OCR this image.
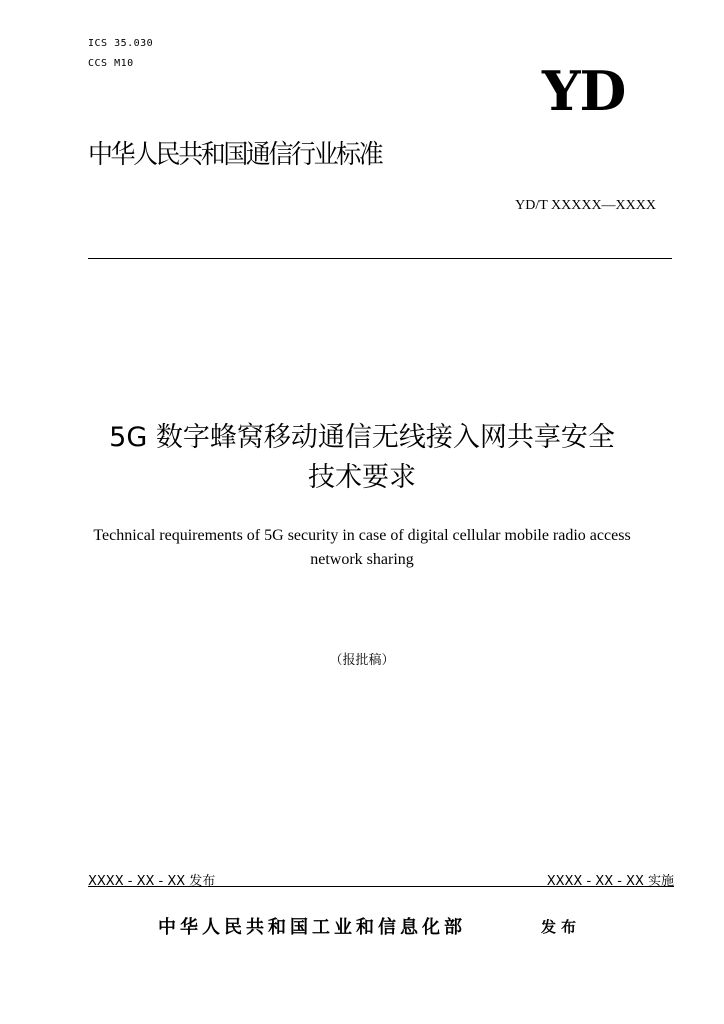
ICS 35.030
CCS M10	YD
中华人民共和国通信行业标准
YD/T XXXXX—XXXX
5G 数字蜂窝移动通信无线接入网共享安全
技术要求
Technical requirements of 5G security in case of digital cellular mobile radio access
network sharing
（报批稿）
XXXX - XX - XX 发布	XXXX - XX - XX 实施
中华人民共和国工业和信息化部	发布
